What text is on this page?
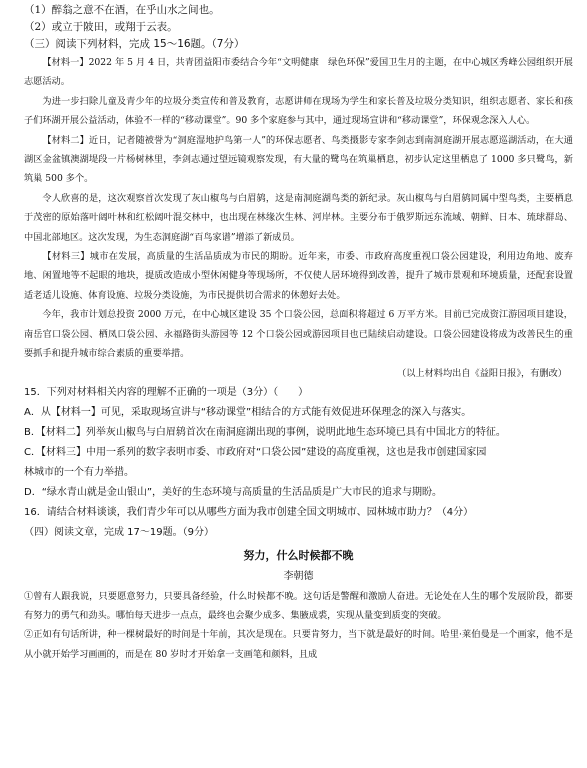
（1）醉翁之意不在酒，在乎山水之间也。

（2）或立于陂田，或翔于云表。

（三）阅读下列材料，完成 15～16题。（7分）

【材料一】2022 年 5 月 4 日，共青团益阳市委结合今年“文明健康　绿色环保”爱国卫生月的主题，在中心城区秀峰公园组织开展志愿活动。

为进一步扫除儿童及青少年的垃圾分类宣传和普及教育，志愿讲师在现场为学生和家长普及垃圾分类知识，组织志愿者、家长和孩子们环湖开展公益活动，体验不一样的“移动课堂”。90 多个家庭参与其中，通过现场宣讲和“移动课堂”，环保观念深入人心。

【材料二】近日，记者随被誉为“洞庭湿地护鸟第一人”的环保志愿者、鸟类摄影专家李剑志到南洞庭湖开展志愿巡湖活动，在大通湖区金盆镇澳湖堤段一片杨树林里，李剑志通过望远镜观察发现，有大量的鹭鸟在筑巢栖息，初步认定这里栖息了 1000 多只鹭鸟，新筑巢 500 多个。

令人欣喜的是，这次观察首次发现了灰山椒鸟与白眉鸫，这是南洞庭湖鸟类的新纪录。灰山椒鸟与白眉鸫同属中型鸟类，主要栖息于茂密的原始落叶阔叶林和红松阔叶混交林中，也出现在林缘次生林、河岸林。主要分布于俄罗斯远东流域、朝鲜、日本、琉球群岛、中国北部地区。这次发现，为生态洞庭湖“百鸟家谱”增添了新成员。

【材料三】城市在发展，高质量的生活品质成为市民的期盼。近年来，市委、市政府高度重视口袋公园建设，利用边角地、废弃地、闲置地等不起眼的地块，提质改造成小型休闲健身等现场所，不仅使人居环境得到改善，提升了城市景观和环境质量，还配套设置适老适儿设施、体育设施、垃圾分类设施，为市民提供切合需求的休憩好去处。

今年，我市计划总投资 2000 万元，在中心城区建设 35 个口袋公园，总面积将超过 6 万平方米。目前已完成资江游园项目建设，南岳官口袋公园、栖凤口袋公园、永福路街头游园等 12 个口袋公园或游园项目也已陆续启动建设。口袋公园建设将成为改善民生的重要抓手和提升城市综合素质的重要举措。

（以上材料均出自《益阳日报》，有删改）

15．下列对材料相关内容的理解不正确的一项是（3分）（　　）

A．从【材料一】可见，采取现场宣讲与“移动课堂”相结合的方式能有效促进环保理念的深入与落实。

B．【材料二】列举灰山椒鸟与白眉鸫首次在南洞庭湖出现的事例，说明此地生态环境已具有中国北方的特征。

C．【材料三】中用一系列的数字表明市委、市政府对“口袋公园”建设的高度重视，这也是我市创建国家园

林城市的一个有力举措。

D．“绿水青山就是金山银山”，美好的生态环境与高质量的生活品质是广大市民的追求与期盼。

16．请结合材料谈谈，我们青少年可以从哪些方面为我市创建全国文明城市、园林城市助力？（4分）

（四）阅读文章，完成 17～19题。（9分）

努力，什么时候都不晚

李朝德

①曾有人跟我说，只要愿意努力，只要具备经验，什么时候都不晚。这句话是警醒和激励人奋进。无论处在人生的哪个发展阶段，都要有努力的勇气和劲头。哪怕每天进步一点点，最终也会聚少成多、集腋成裘，实现从量变到质变的突破。

②正如有句话所讲，种一棵树最好的时间是十年前，其次是现在。只要肯努力，当下就是最好的时间。哈里·莱伯曼是一个画家，他不是从小就开始学习画画的，而是在 80 岁时才开始拿一支画笔和颜料，且成
